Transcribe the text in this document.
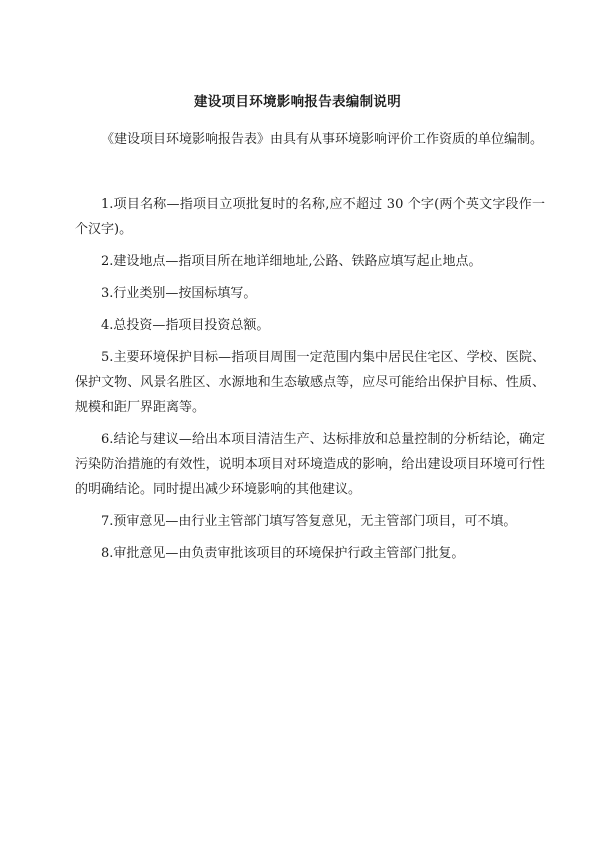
建设项目环境影响报告表编制说明
《建设项目环境影响报告表》由具有从事环境影响评价工作资质的单位编制。

1.项目名称—指项目立项批复时的名称,应不超过 30 个字(两个英文字段作一个汉字)。

2.建设地点—指项目所在地详细地址,公路、铁路应填写起止地点。

3.行业类别—按国标填写。

4.总投资—指项目投资总额。

5.主要环境保护目标—指项目周围一定范围内集中居民住宅区、学校、医院、保护文物、风景名胜区、水源地和生态敏感点等，应尽可能给出保护目标、性质、规模和距厂界距离等。

6.结论与建议—给出本项目清洁生产、达标排放和总量控制的分析结论，确定污染防治措施的有效性，说明本项目对环境造成的影响，给出建设项目环境可行性的明确结论。同时提出减少环境影响的其他建议。

7.预审意见—由行业主管部门填写答复意见，无主管部门项目，可不填。

8.审批意见—由负责审批该项目的环境保护行政主管部门批复。
